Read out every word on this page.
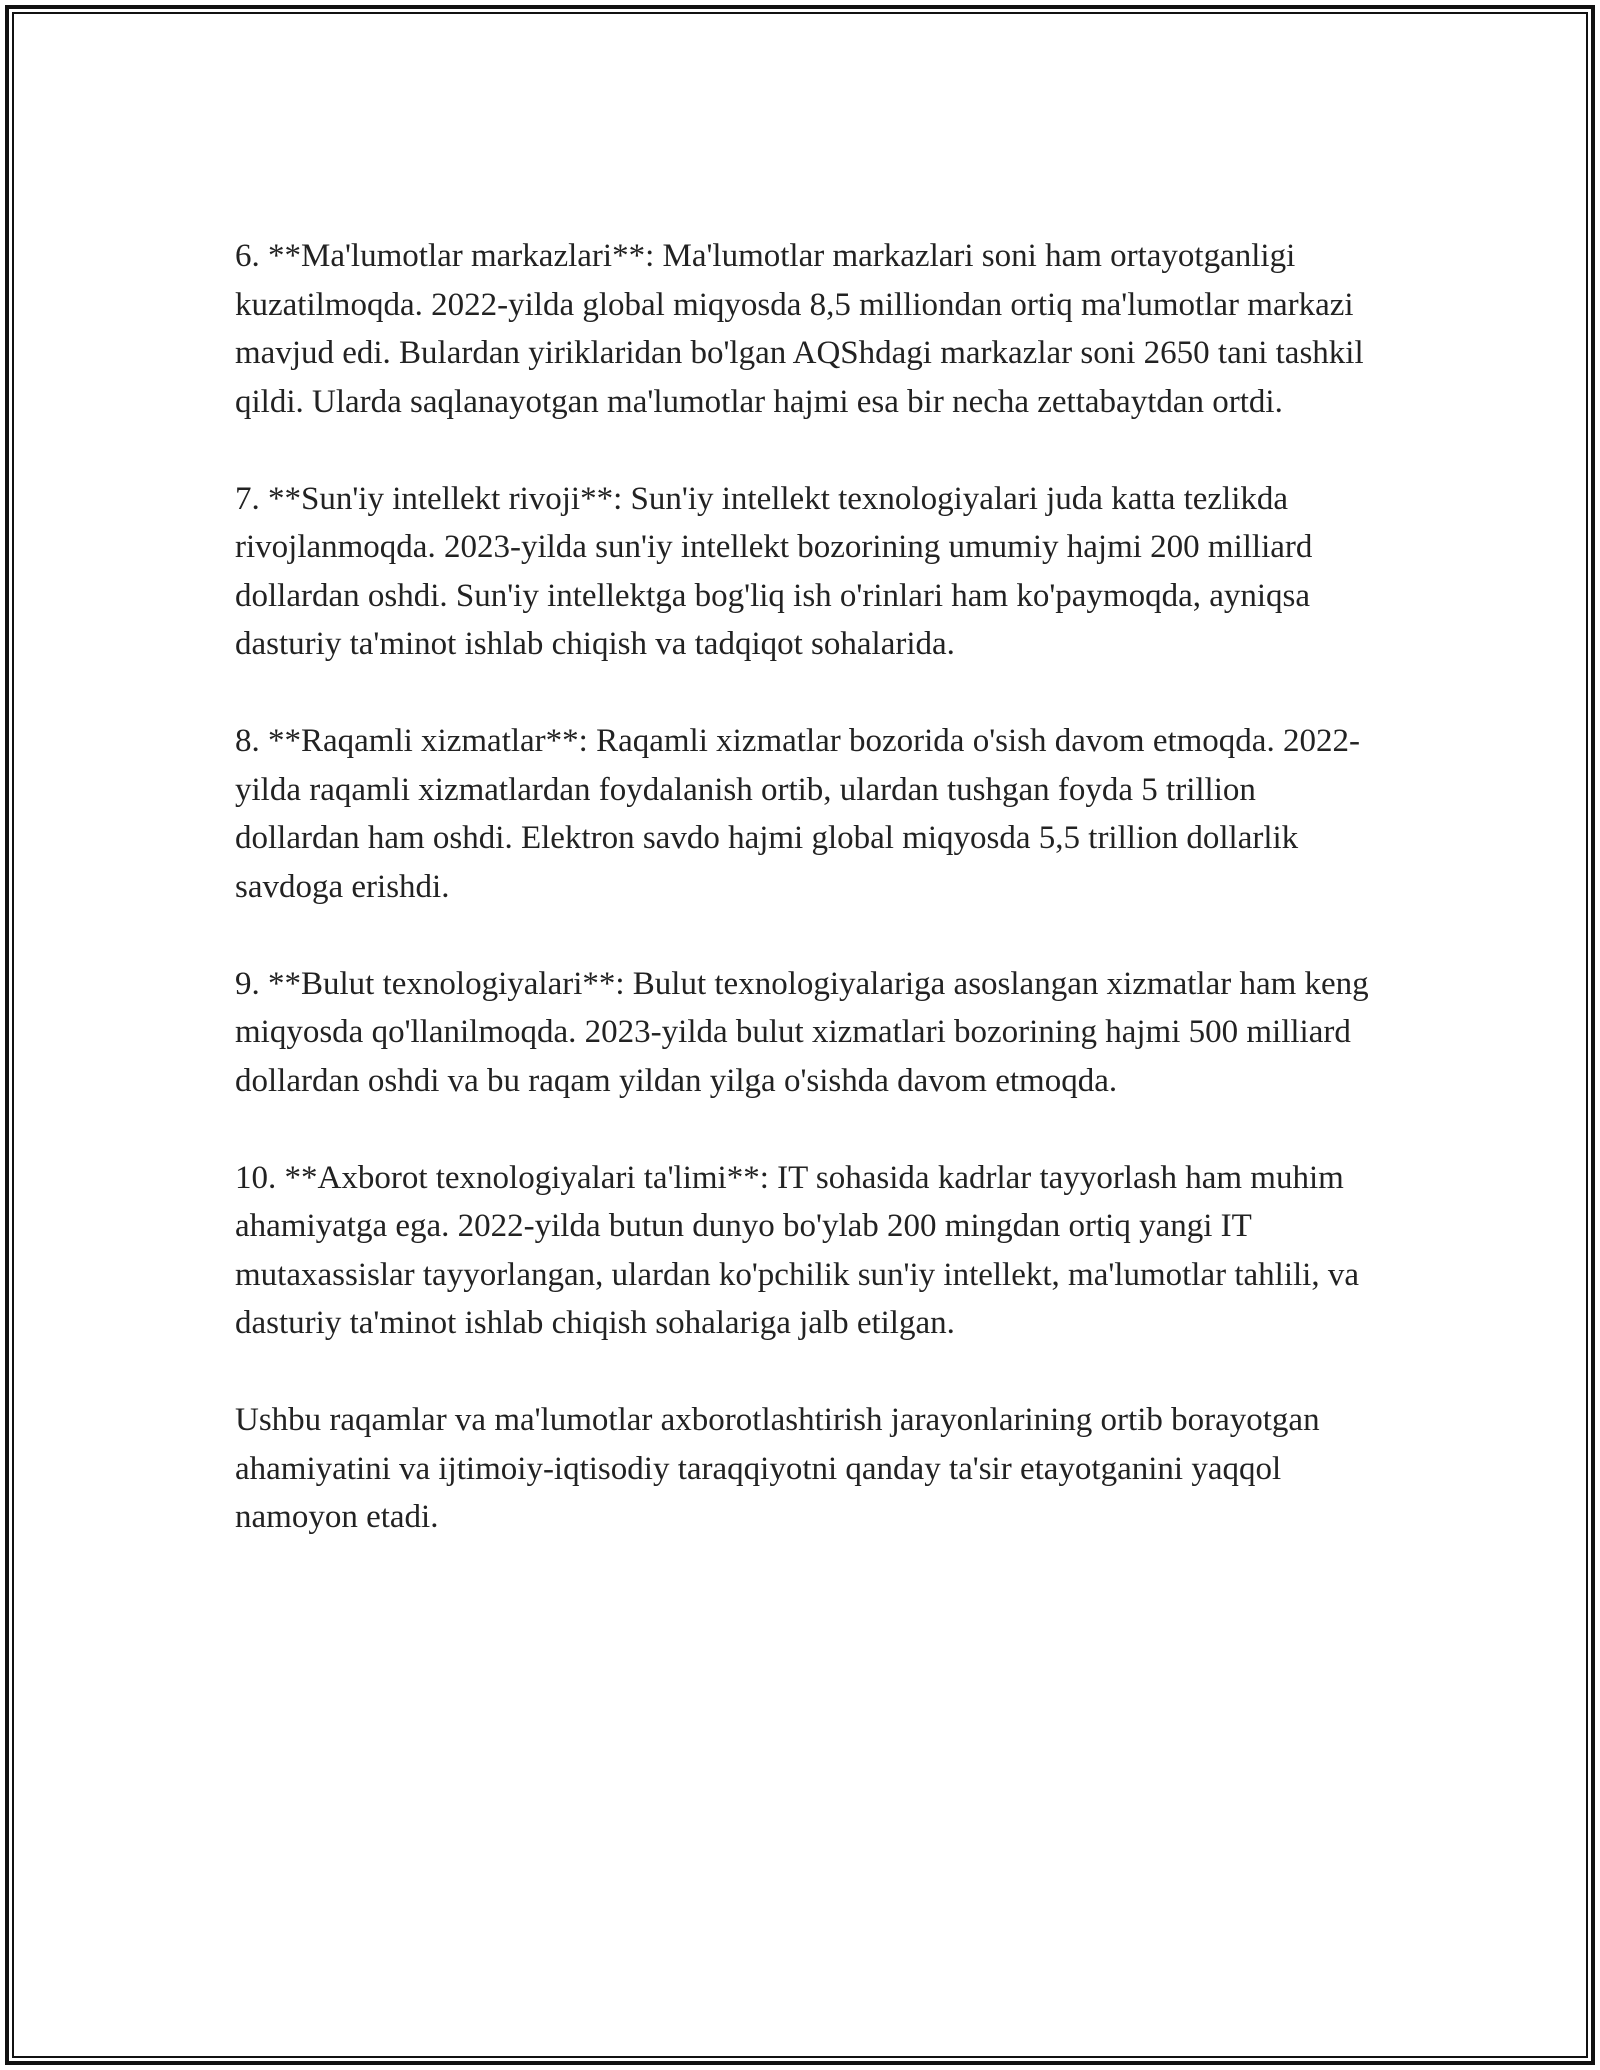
6. **Ma'lumotlar markazlari**: Ma'lumotlar markazlari soni ham ortayotganligi kuzatilmoqda. 2022-yilda global miqyosda 8,5 milliondan ortiq ma'lumotlar markazi mavjud edi. Bulardan yiriklaridan bo'lgan AQShdagi markazlar soni 2650 tani tashkil qildi. Ularda saqlanayotgan ma'lumotlar hajmi esa bir necha zettabaytdan ortdi.

7. **Sun'iy intellekt rivoji**: Sun'iy intellekt texnologiyalari juda katta tezlikda rivojlanmoqda. 2023-yilda sun'iy intellekt bozorining umumiy hajmi 200 milliard dollardan oshdi. Sun'iy intellektga bog'liq ish o'rinlari ham ko'paymoqda, ayniqsa dasturiy ta'minot ishlab chiqish va tadqiqot sohalarida.

8. **Raqamli xizmatlar**: Raqamli xizmatlar bozorida o'sish davom etmoqda. 2022-yilda raqamli xizmatlardan foydalanish ortib, ulardan tushgan foyda 5 trillion dollardan ham oshdi. Elektron savdo hajmi global miqyosda 5,5 trillion dollarlik savdoga erishdi.

9. **Bulut texnologiyalari**: Bulut texnologiyalariga asoslangan xizmatlar ham keng miqyosda qo'llanilmoqda. 2023-yilda bulut xizmatlari bozorining hajmi 500 milliard dollardan oshdi va bu raqam yildan yilga o'sishda davom etmoqda.

10. **Axborot texnologiyalari ta'limi**: IT sohasida kadrlar tayyorlash ham muhim ahamiyatga ega. 2022-yilda butun dunyo bo'ylab 200 mingdan ortiq yangi IT mutaxassislar tayyorlangan, ulardan ko'pchilik sun'iy intellekt, ma'lumotlar tahlili, va dasturiy ta'minot ishlab chiqish sohalariga jalb etilgan.

Ushbu raqamlar va ma'lumotlar axborotlashtirish jarayonlarining ortib borayotgan ahamiyatini va ijtimoiy-iqtisodiy taraqqiyotni qanday ta'sir etayotganini yaqqol namoyon etadi.
